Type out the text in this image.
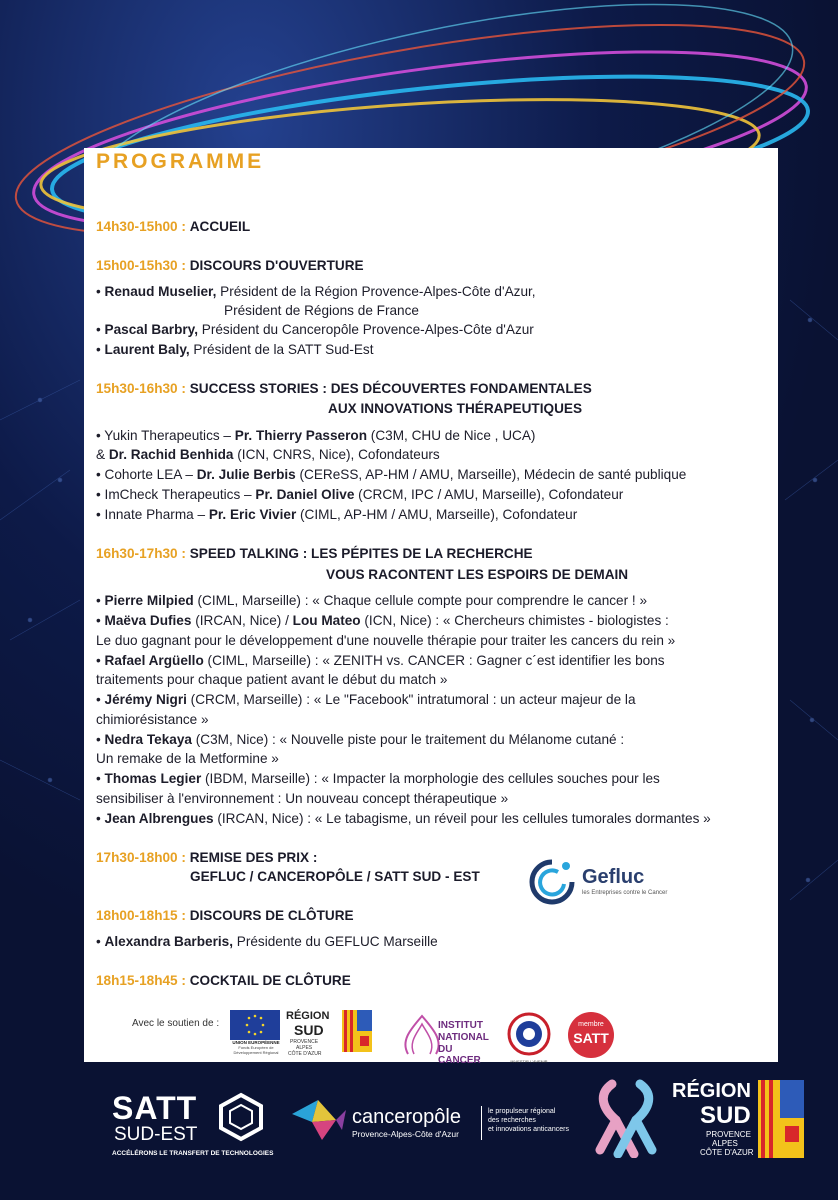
PROGRAMME
14h30-15h00 : ACCUEIL
15h00-15h30 : DISCOURS D'OUVERTURE
• Renaud Muselier, Président de la Région Provence-Alpes-Côte d'Azur,
Président de Régions de France
• Pascal Barbry, Président du Canceropôle Provence-Alpes-Côte d'Azur
• Laurent Baly, Président de la SATT Sud-Est
15h30-16h30 : SUCCESS STORIES : DES DÉCOUVERTES FONDAMENTALES
AUX INNOVATIONS THÉRAPEUTIQUES
• Yukin Therapeutics – Pr. Thierry Passeron (C3M, CHU de Nice , UCA)
& Dr. Rachid Benhida (ICN, CNRS, Nice), Cofondateurs
• Cohorte LEA – Dr. Julie Berbis (CEReSS, AP-HM / AMU, Marseille), Médecin de santé publique
• ImCheck Therapeutics – Pr. Daniel Olive (CRCM, IPC / AMU, Marseille), Cofondateur
• Innate Pharma – Pr. Eric Vivier (CIML, AP-HM / AMU, Marseille), Cofondateur
16h30-17h30 : SPEED TALKING : LES PÉPITES DE LA RECHERCHE
VOUS RACONTENT LES ESPOIRS DE DEMAIN
• Pierre Milpied (CIML, Marseille) : « Chaque cellule compte pour comprendre le cancer ! »
• Maëva Dufies (IRCAN, Nice) / Lou Mateo (ICN, Nice) : « Chercheurs chimistes - biologistes :
Le duo gagnant pour le développement d'une nouvelle thérapie pour traiter les cancers du rein »
• Rafael Argüello (CIML, Marseille) : « ZENITH vs. CANCER : Gagner c´est identifier les bons
traitements pour chaque patient avant le début du match »
• Jérémy Nigri (CRCM, Marseille) : « Le "Facebook" intratumoral : un acteur majeur de la
chimiorésistance »
• Nedra Tekaya (C3M, Nice) : « Nouvelle piste pour le traitement du Mélanome cutané :
Un remake de la Metformine »
• Thomas Legier (IBDM, Marseille) : « Impacter la morphologie des cellules souches pour les
sensibiliser à l'environnement : Un nouveau concept thérapeutique »
• Jean Albrengues (IRCAN, Nice) : « Le tabagisme, un réveil pour les cellules tumorales dormantes »
17h30-18h00 : REMISE DES PRIX :
GEFLUC / CANCEROPÔLE / SATT SUD - EST
18h00-18h15 : DISCOURS DE CLÔTURE
• Alexandra Barberis, Présidente du GEFLUC Marseille
18h15-18h45 : COCKTAIL DE CLÔTURE
Gefluc
les Entreprises contre le Cancer
Avec le soutien de :
UNION EUROPÉENNE
Fonds Européen de
Développement Régional
RÉGION
SUD
PROVENCE
ALPES
CÔTE D'AZUR
INSTITUT
NATIONAL
DU CANCER	INVESTIR L'AVENIR
membre
SATT
SATT
SUD-EST
ACCÉLÉRONS LE TRANSFERT DE TECHNOLOGIES
canceropôle
Provence-Alpes-Côte d'Azur
le propulseur régional
des recherches
et innovations anticancers
RÉGION
SUD
PROVENCE
ALPES
CÔTE D'AZUR
